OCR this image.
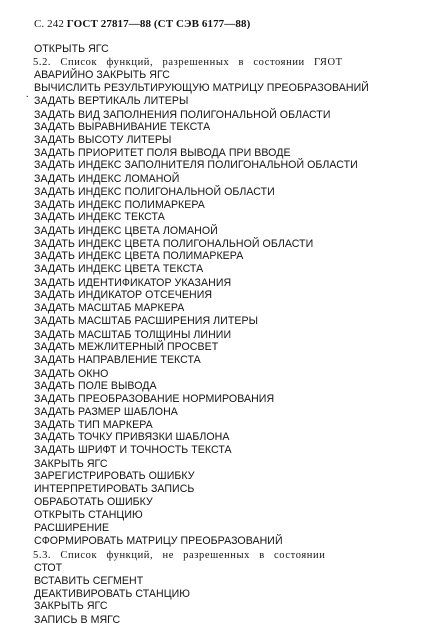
С. 242 ГОСТ 27817—88 (СТ СЭВ 6177—88)
.
ОТКРЫТЬ ЯГС
5.2. Список функций, разрешенных в состоянии ГЯОТ
АВАРИЙНО ЗАКРЫТЬ ЯГС
ВЫЧИСЛИТЬ РЕЗУЛЬТИРУЮЩУЮ МАТРИЦУ ПРЕОБРАЗОВАНИЙ
ЗАДАТЬ ВЕРТИКАЛЬ ЛИТЕРЫ
ЗАДАТЬ ВИД ЗАПОЛНЕНИЯ ПОЛИГОНАЛЬНОЙ ОБЛАСТИ
ЗАДАТЬ ВЫРАВНИВАНИЕ ТЕКСТА
ЗАДАТЬ ВЫСОТУ ЛИТЕРЫ
ЗАДАТЬ ПРИОРИТЕТ ПОЛЯ ВЫВОДА ПРИ ВВОДЕ
ЗАДАТЬ ИНДЕКС ЗАПОЛНИТЕЛЯ ПОЛИГОНАЛЬНОЙ ОБЛАСТИ
ЗАДАТЬ ИНДЕКС ЛОМАНОЙ
ЗАДАТЬ ИНДЕКС ПОЛИГОНАЛЬНОЙ ОБЛАСТИ
ЗАДАТЬ ИНДЕКС ПОЛИМАРКЕРА
ЗАДАТЬ ИНДЕКС ТЕКСТА
ЗАДАТЬ ИНДЕКС ЦВЕТА ЛОМАНОЙ
ЗАДАТЬ ИНДЕКС ЦВЕТА ПОЛИГОНАЛЬНОЙ ОБЛАСТИ
ЗАДАТЬ ИНДЕКС ЦВЕТА ПОЛИМАРКЕРА
ЗАДАТЬ ИНДЕКС ЦВЕТА ТЕКСТА
ЗАДАТЬ ИДЕНТИФИКАТОР УКАЗАНИЯ
ЗАДАТЬ ИНДИКАТОР ОТСЕЧЕНИЯ
ЗАДАТЬ МАСШТАБ МАРКЕРА
ЗАДАТЬ МАСШТАБ РАСШИРЕНИЯ ЛИТЕРЫ
ЗАДАТЬ МАСШТАБ ТОЛЩИНЫ ЛИНИИ
ЗАДАТЬ МЕЖЛИТЕРНЫЙ ПРОСВЕТ
ЗАДАТЬ НАПРАВЛЕНИЕ ТЕКСТА
ЗАДАТЬ ОКНО
ЗАДАТЬ ПОЛЕ ВЫВОДА
ЗАДАТЬ ПРЕОБРАЗОВАНИЕ НОРМИРОВАНИЯ
ЗАДАТЬ РАЗМЕР ШАБЛОНА
ЗАДАТЬ ТИП МАРКЕРА
ЗАДАТЬ ТОЧКУ ПРИВЯЗКИ ШАБЛОНА
ЗАДАТЬ ШРИФТ И ТОЧНОСТЬ ТЕКСТА
ЗАКРЫТЬ ЯГС
ЗАРЕГИСТРИРОВАТЬ ОШИБКУ
ИНТЕРПРЕТИРОВАТЬ ЗАПИСЬ
ОБРАБОТАТЬ ОШИБКУ
ОТКРЫТЬ СТАНЦИЮ
РАСШИРЕНИЕ
СФОРМИРОВАТЬ МАТРИЦУ ПРЕОБРАЗОВАНИЙ
5.3. Список функций, не разрешенных в состоянии
СТОТ
ВСТАВИТЬ СЕГМЕНТ
ДЕАКТИВИРОВАТЬ СТАНЦИЮ
ЗАКРЫТЬ ЯГС
ЗАПИСЬ В МЯГС
